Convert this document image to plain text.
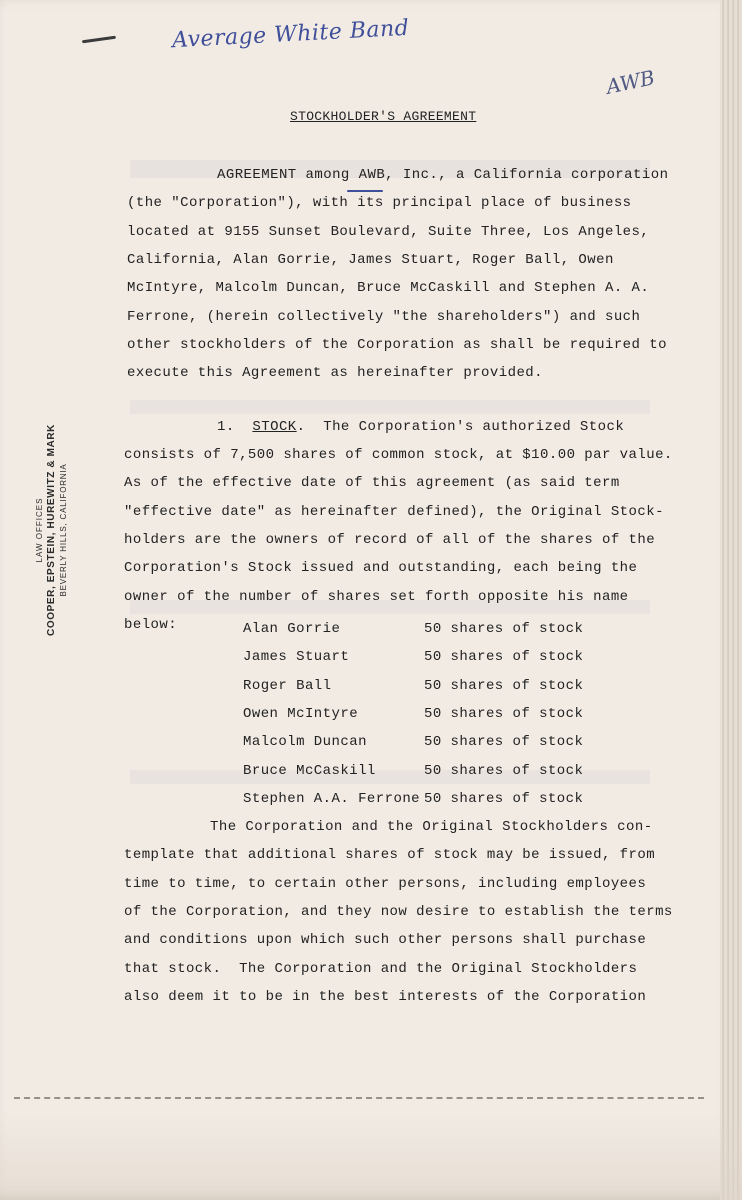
Average White Band
AWB
STOCKHOLDER'S AGREEMENT
AGREEMENT among AWB, Inc., a California corporation
(the "Corporation"), with its principal place of business
located at 9155 Sunset Boulevard, Suite Three, Los Angeles,
California, Alan Gorrie, James Stuart, Roger Ball, Owen
McIntyre, Malcolm Duncan, Bruce McCaskill and Stephen A. A.
Ferrone, (herein collectively "the shareholders") and such
other stockholders of the Corporation as shall be required to
execute this Agreement as hereinafter provided.
1. STOCK.  The Corporation's authorized Stock
consists of 7,500 shares of common stock, at $10.00 par value.
As of the effective date of this agreement (as said term
"effective date" as hereinafter defined), the Original Stock-
holders are the owners of record of all of the shares of the
Corporation's Stock issued and outstanding, each being the
owner of the number of shares set forth opposite his name
below:	Alan Gorrie	50 shares of stock
James Stuart	50 shares of stock
Roger Ball	50 shares of stock
Owen McIntyre	50 shares of stock
Malcolm Duncan	50 shares of stock
Bruce McCaskill	50 shares of stock
Stephen A.A. Ferrone 50 shares of stock
The Corporation and the Original Stockholders con-
template that additional shares of stock may be issued, from
time to time, to certain other persons, including employees
of the Corporation, and they now desire to establish the terms
and conditions upon which such other persons shall purchase
that stock.  The Corporation and the Original Stockholders
also deem it to be in the best interests of the Corporation
LAW OFFICES COOPER, EPSTEIN, HUREWITZ & MARK BEVERLY HILLS, CALIFORNIA
